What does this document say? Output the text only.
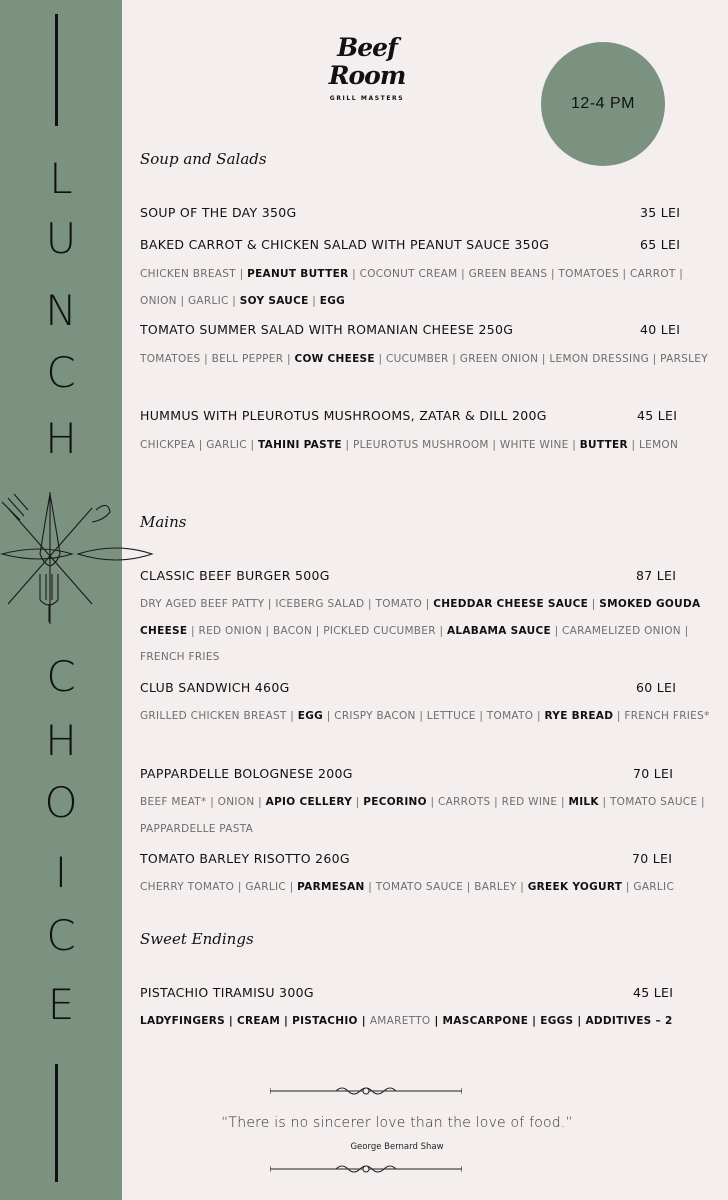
L
U
N
C
H
C
H
O
I
C
E
Beef Room
GRILL MASTERS	12-4 PM
Soup and Salads
SOUP OF THE DAY 350G	35 LEI
BAKED CARROT & CHICKEN SALAD WITH PEANUT SAUCE 350G	65 LEI
CHICKEN BREAST | PEANUT BUTTER | COCONUT CREAM | GREEN BEANS | TOMATOES | CARROT | ONION | GARLIC | SOY SAUCE | EGG
TOMATO SUMMER SALAD WITH ROMANIAN CHEESE 250G	40 LEI
TOMATOES | BELL PEPPER | COW CHEESE | CUCUMBER | GREEN ONION | LEMON DRESSING | PARSLEY
HUMMUS WITH PLEUROTUS MUSHROOMS, ZATAR & DILL 200G	45 LEI
CHICKPEA | GARLIC | TAHINI PASTE | PLEUROTUS MUSHROOM | WHITE WINE | BUTTER | LEMON
Mains
CLASSIC BEEF BURGER 500G	87 LEI
DRY AGED BEEF PATTY | ICEBERG SALAD | TOMATO | CHEDDAR CHEESE SAUCE | SMOKED GOUDA CHEESE | RED ONION | BACON | PICKLED CUCUMBER | ALABAMA SAUCE | CARAMELIZED ONION | FRENCH FRIES
CLUB SANDWICH 460G	60 LEI
GRILLED CHICKEN BREAST | EGG | CRISPY BACON | LETTUCE | TOMATO | RYE BREAD | FRENCH FRIES*
PAPPARDELLE BOLOGNESE 200G	70 LEI
BEEF MEAT* | ONION | APIO CELLERY | PECORINO | CARROTS | RED WINE | MILK | TOMATO SAUCE | PAPPARDELLE PASTA
TOMATO BARLEY RISOTTO 260G	70 LEI
CHERRY TOMATO | GARLIC | PARMESAN | TOMATO SAUCE | BARLEY | GREEK YOGURT | GARLIC
Sweet Endings
PISTACHIO TIRAMISU 300G	45 LEI
LADYFINGERS | CREAM | PISTACHIO | AMARETTO | MASCARPONE | EGGS | ADDITIVES – 2
“There is no sincerer love than the love of food.”
George Bernard Shaw
